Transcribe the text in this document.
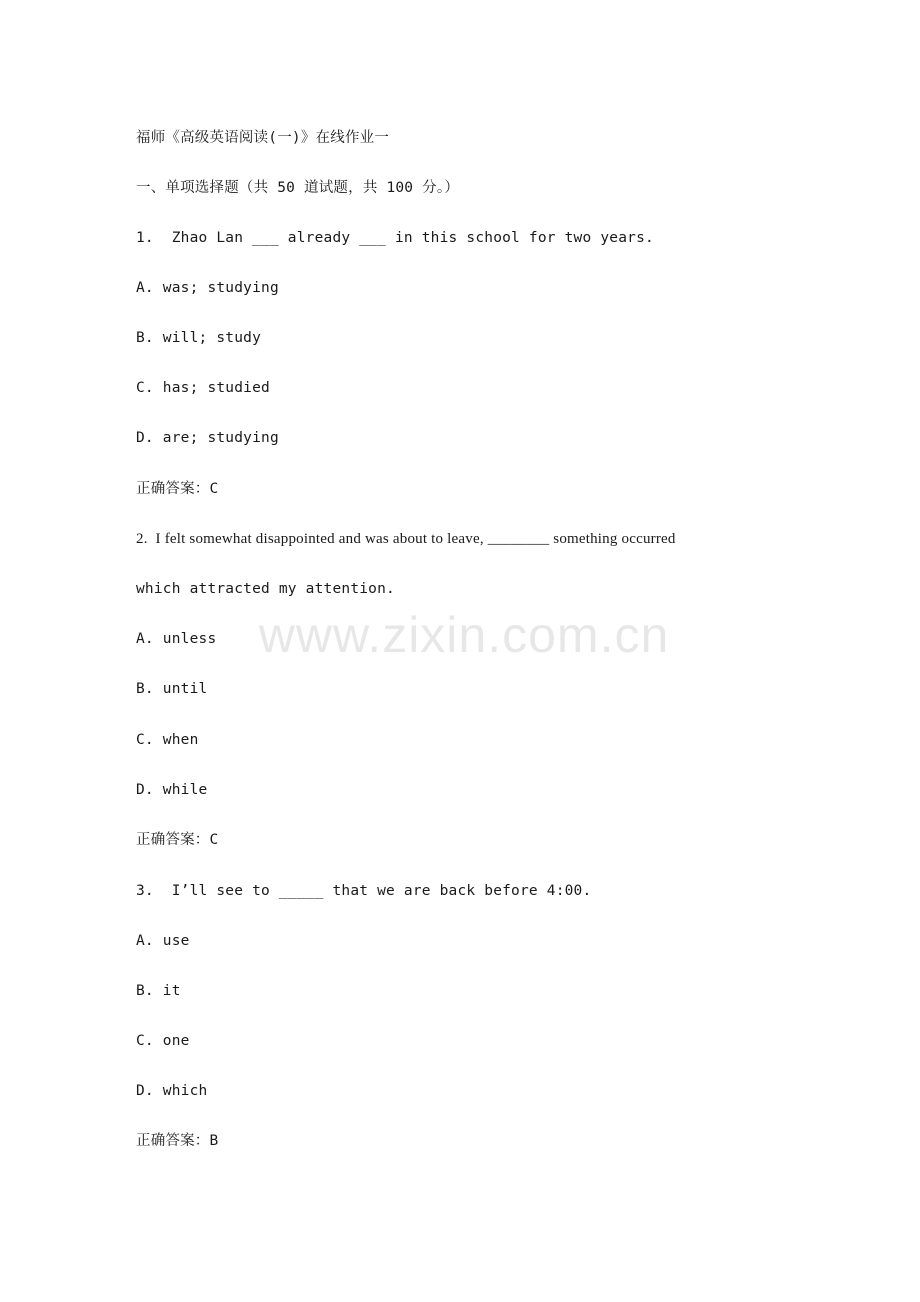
福师《高级英语阅读(一)》在线作业一
一、单项选择题（共 50 道试题，共 100 分。）
1.  Zhao Lan ___ already ___ in this school for two years.
A. was; studying
B. will; study
C. has; studied
D. are; studying
正确答案：C
2.  I felt somewhat disappointed and was about to leave, ________ something occurred
which attracted my attention.
A. unless
B. until
C. when
D. while
正确答案：C
3.  I’ll see to _____ that we are back before 4:00.
A. use
B. it
C. one
D. which
正确答案：B
www.zixin.com.cn
